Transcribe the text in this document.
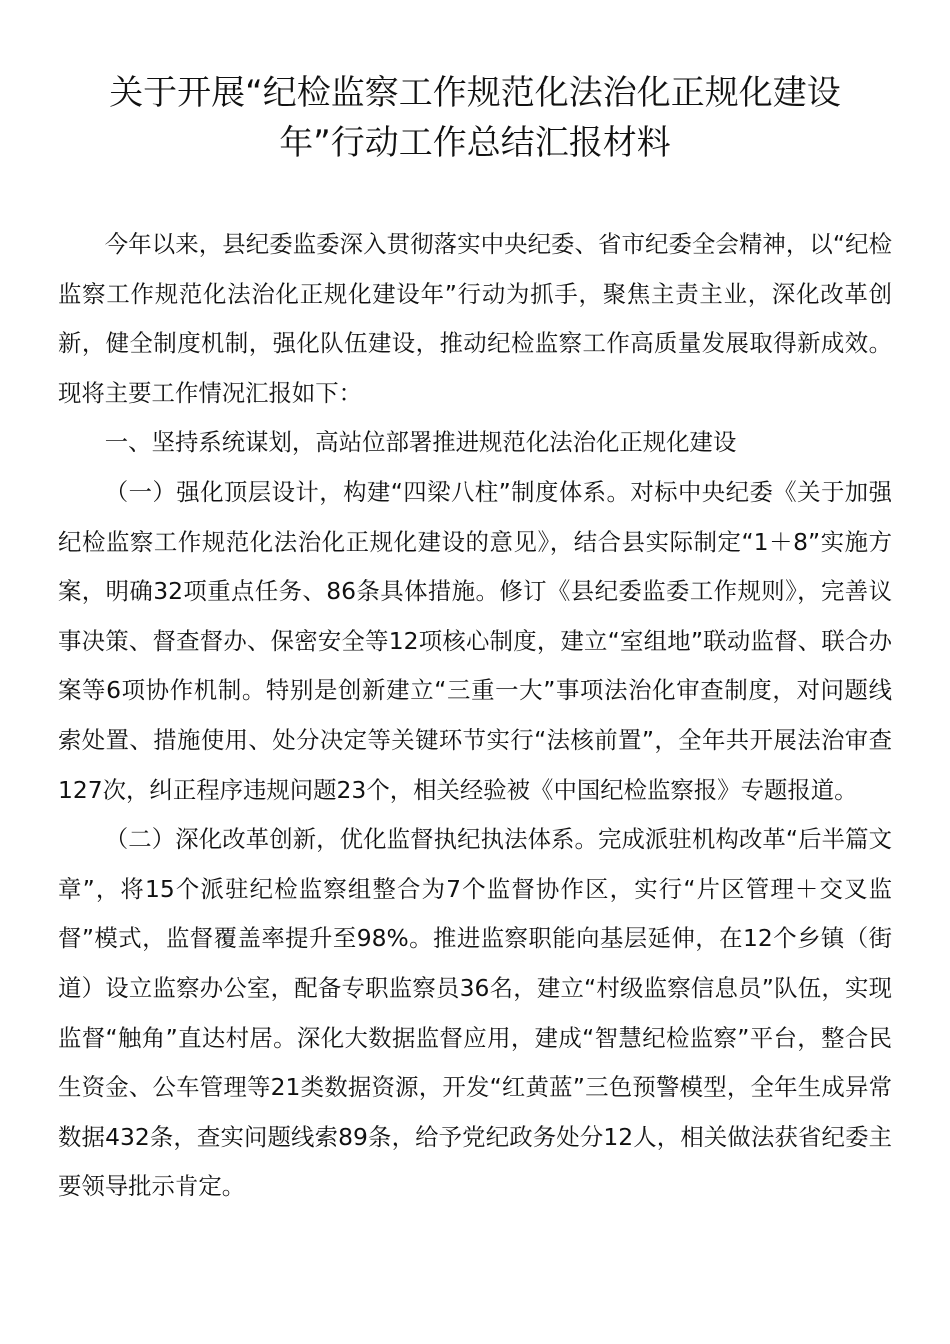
关于开展“纪检监察工作规范化法治化正规化建设
年”行动工作总结汇报材料

今年以来，县纪委监委深入贯彻落实中央纪委、省市纪委全会精神，以“纪检监察工作规范化法治化正规化建设年”行动为抓手，聚焦主责主业，深化改革创新，健全制度机制，强化队伍建设，推动纪检监察工作高质量发展取得新成效。现将主要工作情况汇报如下：

一、坚持系统谋划，高站位部署推进规范化法治化正规化建设

（一）强化顶层设计，构建“四梁八柱”制度体系。对标中央纪委《关于加强纪检监察工作规范化法治化正规化建设的意见》，结合县实际制定“1＋8”实施方案，明确32项重点任务、86条具体措施。修订《县纪委监委工作规则》，完善议事决策、督查督办、保密安全等12项核心制度，建立“室组地”联动监督、联合办案等6项协作机制。特别是创新建立“三重一大”事项法治化审查制度，对问题线索处置、措施使用、处分决定等关键环节实行“法核前置”，全年共开展法治审查127次，纠正程序违规问题23个，相关经验被《中国纪检监察报》专题报道。

（二）深化改革创新，优化监督执纪执法体系。完成派驻机构改革“后半篇文章”，将15个派驻纪检监察组整合为7个监督协作区，实行“片区管理＋交叉监督”模式，监督覆盖率提升至98%。推进监察职能向基层延伸，在12个乡镇（街道）设立监察办公室，配备专职监察员36名，建立“村级监察信息员”队伍，实现监督“触角”直达村居。深化大数据监督应用，建成“智慧纪检监察”平台，整合民生资金、公车管理等21类数据资源，开发“红黄蓝”三色预警模型，全年生成异常数据432条，查实问题线索89条，给予党纪政务处分12人，相关做法获省纪委主要领导批示肯定。
